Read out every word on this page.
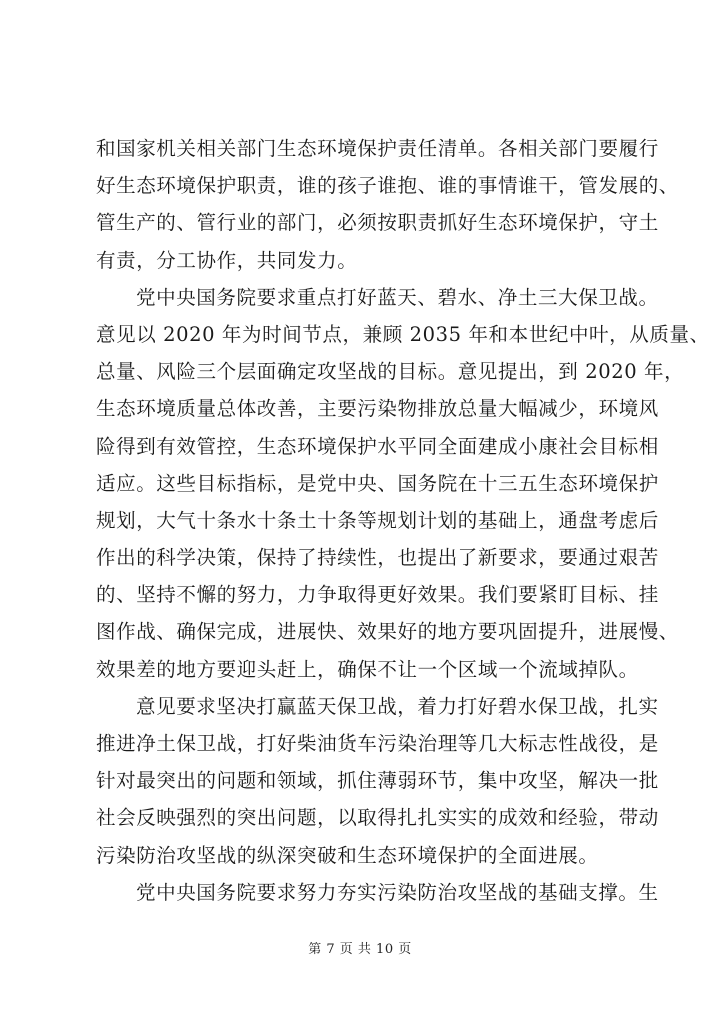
和国家机关相关部门生态环境保护责任清单。各相关部门要履行
好生态环境保护职责，谁的孩子谁抱、谁的事情谁干，管发展的、
管生产的、管行业的部门，必须按职责抓好生态环境保护，守土
有责，分工协作，共同发力。
党中央国务院要求重点打好蓝天、碧水、净土三大保卫战。
意见以 2020 年为时间节点，兼顾 2035 年和本世纪中叶，从质量、
总量、风险三个层面确定攻坚战的目标。意见提出，到 2020 年，
生态环境质量总体改善，主要污染物排放总量大幅减少，环境风
险得到有效管控，生态环境保护水平同全面建成小康社会目标相
适应。这些目标指标，是党中央、国务院在十三五生态环境保护
规划，大气十条水十条土十条等规划计划的基础上，通盘考虑后
作出的科学决策，保持了持续性，也提出了新要求，要通过艰苦
的、坚持不懈的努力，力争取得更好效果。我们要紧盯目标、挂
图作战、确保完成，进展快、效果好的地方要巩固提升，进展慢、
效果差的地方要迎头赶上，确保不让一个区域一个流域掉队。
意见要求坚决打赢蓝天保卫战，着力打好碧水保卫战，扎实
推进净土保卫战，打好柴油货车污染治理等几大标志性战役，是
针对最突出的问题和领域，抓住薄弱环节，集中攻坚，解决一批
社会反映强烈的突出问题，以取得扎扎实实的成效和经验，带动
污染防治攻坚战的纵深突破和生态环境保护的全面进展。
党中央国务院要求努力夯实污染防治攻坚战的基础支撑。生
第 7 页 共 10 页
